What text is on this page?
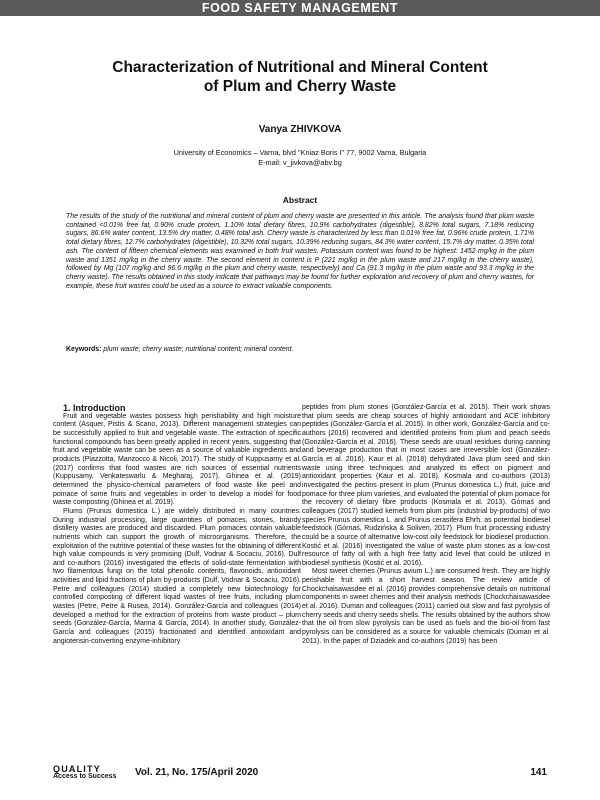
FOOD SAFETY MANAGEMENT
Characterization of Nutritional and Mineral Content
of Plum and Cherry Waste
Vanya ZHIVKOVA
University of Economics – Varna, blvd "Kniaz Boris I" 77, 9002 Varna, Bulgaria
E-mail: v_jivkova@abv.bg
Abstract
The results of the study of the nutritional and mineral content of plum and cherry waste are presented in this article. The analysis found that plum waste contained <0.01% free fat, 0.90% crude protein, 1.10% total dietary fibres, 10.9% carbohydrates (digestible), 8.82% total sugars, 7.18% reducing sugars, 86.6% water content, 13.5% dry matter, 0.48% total ash. Cherry waste is characterized by less than 0.01% free fat, 0.96% crude protein, 1.71% total dietary fibres, 12.7% carbohydrates (digestible), 10.32% total sugars, 10.39% reducing sugars, 84.3% water content, 15.7% dry matter, 0.35% total ash. The content of fifteen chemical elements was examined in both fruit wastes. Potassium content was found to be highest: 1452 mg/kg in the plum waste and 1351 mg/kg in the cherry waste. The second element in content is P (221 mg/kg in the plum waste and 217 mg/kg in the cherry waste), followed by Mg (107 mg/kg and 96.6 mg/kg in the plum and cherry waste, respectively) and Ca (91.3 mg/kg in the plum waste and 93.3 mg/kg in the cherry waste). The results obtained in this study indicate that pathways may be found for further exploration and recovery of plum and cherry wastes, for example, these fruit wastes could be used as a source to extract valuable components.
Keywords: plum waste; cherry waste; nutritional content; mineral content.

1. Introduction

Fruit and vegetable wastes possess high perishability and high moisture content (Asquer, Pistis & Scano, 2013). Different management strategies can be successfully applied to fruit and vegetable waste. The extraction of specific functional compounds has been greatly applied in recent years, suggesting that fruit and vegetable waste can be seen as a source of valuable ingredients and products (Plazzotta, Manzocco & Nicoli, 2017). The study of Kuppusamy et al. (2017) confirms that food wastes are rich sources of essential nutrients (Kuppusamy, Venkateswarlu & Megharaj, 2017). Ghinea et al. (2019) determined the physico-chemical parameters of food waste like peel and pomace of some fruits and vegetables in order to develop a model for food waste composting (Ghinea et al. 2019).

Plums (Prunus domestica L.) are widely distributed in many countries. During industrial processing, large quantities of pomaces, stones, brandy distillery wastes are produced and discarded. Plum pomaces contain valuable nutrients which can support the growth of microorganisms. Therefore, the exploitation of the nutritive potential of these wastes for the obtaining of different high value compounds is very promising (Dulf, Vodnar & Socaciu, 2016). Dulf and co-authors (2016) investigated the effects of solid-state fermentation with two filamentous fungi on the total phenolic contents, flavonoids, antioxidant activities and lipid fractions of plum by-products (Dulf, Vodnar & Socaciu, 2016). Petre and colleagues (2014) studied a completely new biotechnology for controlled composting of different liquid wastes of tree fruits, including plum wastes (Petre, Petre & Rusea, 2014). González-García and colleagues (2014) developed a method for the extraction of proteins from waste product – plum seeds (González-García, Marina & García, 2014). In another study, González-García and colleagues (2015) fractionated and identified antioxidant and angiotensin-converting enzyme-inhibitory

peptides from plum stones (González-García et al. 2015). Their work shows that plum seeds are cheap sources of highly antioxidant and ACE inhibitory peptides (González-García et al. 2015). In other work, González-García and co-authors (2016) recovered and identified proteins from plum and peach seeds (González-García et al. 2016). These seeds are usual residues during canning and beverage production that in most cases are irreversible lost (González-García et al. 2016). Kaur et al. (2018) dehydrated Java plum seed and skin waste using three techniques and analyzed its effect on pigment and antioxidant properties (Kaur et al. 2018). Kosmala and co-authors (2013) investigated the pectins present in plum (Prunus domestica L.) fruit, juice and pomace for three plum varieties, and evaluated the potential of plum pomace for the recovery of dietary fibre products (Kosmala et al. 2013). Górnaś and colleagues (2017) studied kernels from plum pits (industrial by-products) of two species Prunus domestica L. and Prunus cerasifera Ehrh. as potential biodiesel feedstock (Górnaś, Rudzińska & Soliven, 2017). Plum fruit processing industry could be a source of alternative low-cost oily feedstock for biodiesel production. Kostić et al. (2016) investigated the value of waste plum stones as a low-cost resource of fatty oil with a high free fatty acid level that could be utilized in biodiesel synthesis (Kostić et al. 2016).

Most sweet cherries (Prunus avium L.) are consumed fresh. They are highly perishable fruit with a short harvest season. The review article of Chockchaisawasdee et al. (2016) provides comprehensive details on nutritional components in sweet cherries and their analysis methods (Chockchaisawasdee et al. 2016). Duman and colleagues (2011) carried out slow and fast pyrolysis of cherry seeds and cherry seeds shells. The results obtained by the authors show that the oil from slow pyrolysis can be used as fuels and the bio-oil from fast pyrolysis can be considered as a source for valuable chemicals (Duman et al. 2011). In the paper of Dziadek and co-authors (2019) has been

QUALITY
Access to Success Vol. 21, No. 175/April 2020	141
